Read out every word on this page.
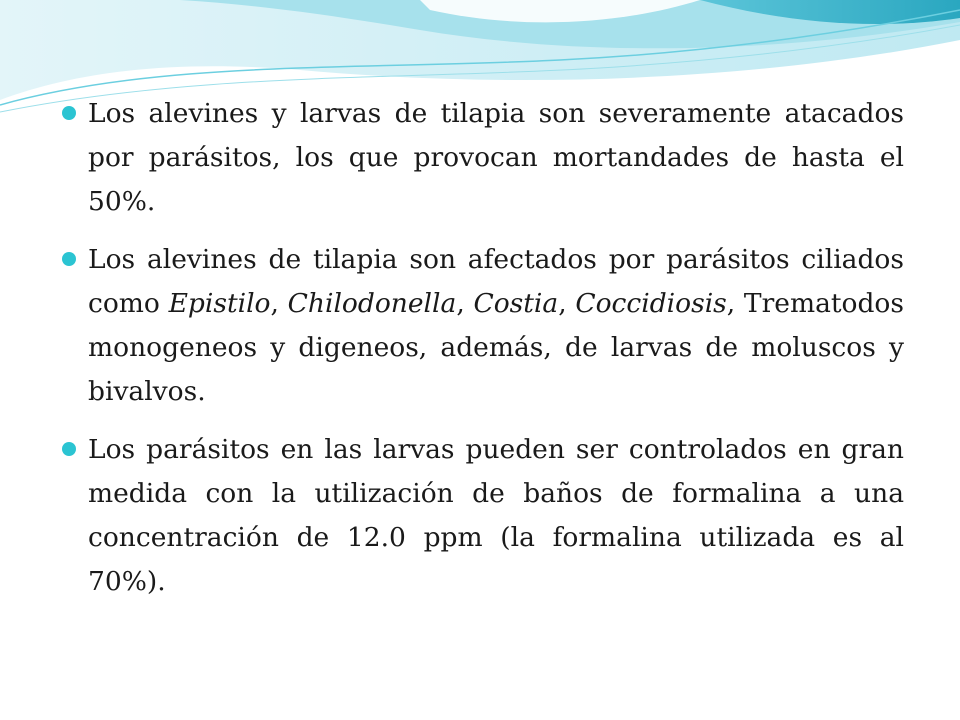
Los alevines y larvas de tilapia son severamente atacados por parásitos, los que provocan mortandades de hasta el 50%.
Los alevines de tilapia son afectados por parásitos ciliados como Epistilo, Chilodonella, Costia, Coccidiosis, Trematodos monogeneos y digeneos, además, de larvas de moluscos y bivalvos.
Los parásitos en las larvas pueden ser controlados en gran medida con la utilización de baños de formalina a una concentración de 12.0 ppm (la formalina utilizada es al 70%).
